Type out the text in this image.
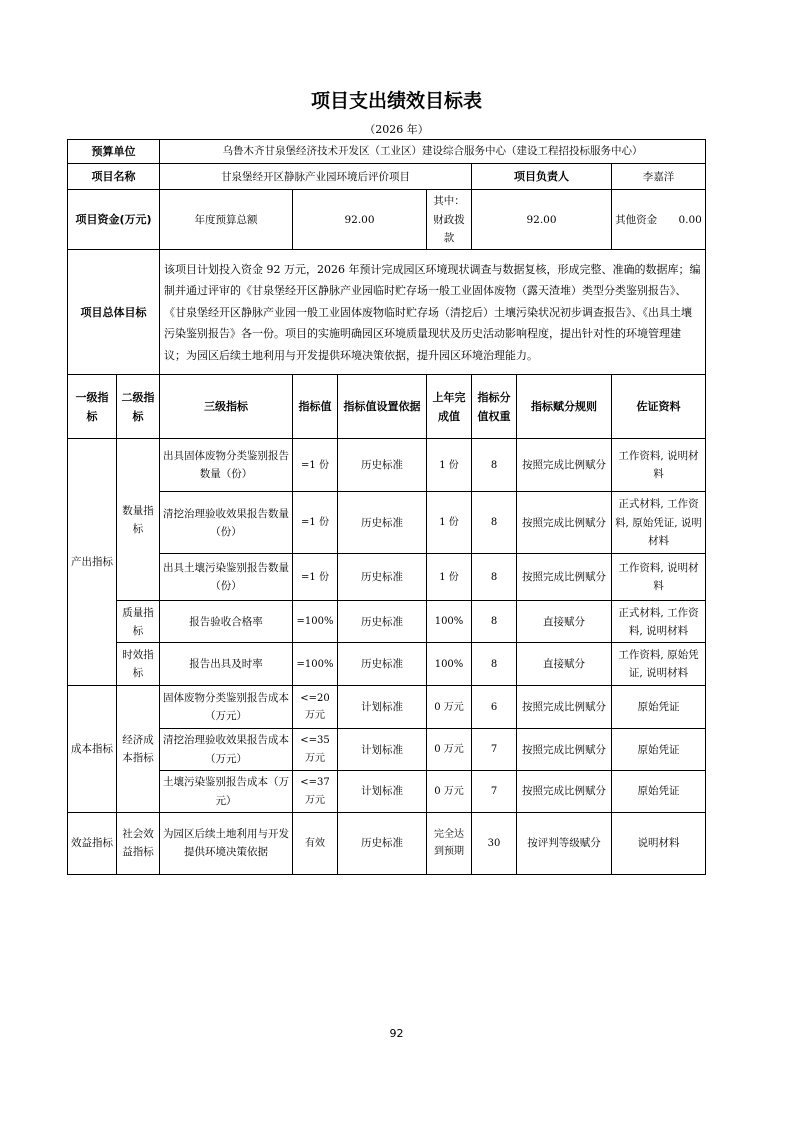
项目支出绩效目标表
（2026 年）
预算单位		乌鲁木齐甘泉堡经济技术开发区（工业区）建设综合服务中心（建设工程招投标服务中心）						
项目名称		甘泉堡经开区静脉产业园环境后评价项目				项目负责人		李嘉洋
项目资金(万元)		年度预算总额	92.00		其中：财政拨款	92.00		其他资金 0.00
项目总体目标		该项目计划投入资金 92 万元，2026 年预计完成园区环境现状调查与数据复核，形成完整、准确的数据库；编制并通过评审的《甘泉堡经开区静脉产业园临时贮存场一般工业固体废物（露天渣堆）类型分类鉴别报告》、《甘泉堡经开区静脉产业园一般工业固体废物临时贮存场（清挖后）土壤污染状况初步调查报告》、《出具土壤污染鉴别报告》各一份。项目的实施明确园区环境质量现状及历史活动影响程度，提出针对性的环境管理建议；为园区后续土地利用与开发提供环境决策依据，提升园区环境治理能力。						
一级指标	二级指标	三级指标	指标值	指标值设置依据	上年完成值	指标分值权重	指标赋分规则	佐证资料
产出指标	数量指标	出具固体废物分类鉴别报告数量（份）	=1 份	历史标准	1 份	8	按照完成比例赋分	工作资料, 说明材料
		清挖治理验收效果报告数量（份）	=1 份	历史标准	1 份	8	按照完成比例赋分	正式材料, 工作资料, 原始凭证, 说明材料
		出具土壤污染鉴别报告数量（份）	=1 份	历史标准	1 份	8	按照完成比例赋分	工作资料, 说明材料
	质量指标	报告验收合格率	=100%	历史标准	100%	8	直接赋分	正式材料, 工作资料, 说明材料
	时效指标	报告出具及时率	=100%	历史标准	100%	8	直接赋分	工作资料, 原始凭证, 说明材料
成本指标	经济成本指标	固体废物分类鉴别报告成本（万元）	<=20 万元	计划标准	0 万元	6	按照完成比例赋分	原始凭证
		清挖治理验收效果报告成本（万元）	<=35 万元	计划标准	0 万元	7	按照完成比例赋分	原始凭证
		土壤污染鉴别报告成本（万元）	<=37 万元	计划标准	0 万元	7	按照完成比例赋分	原始凭证
效益指标	社会效益指标	为园区后续土地利用与开发提供环境决策依据	有效	历史标准	完全达到预期	30	按评判等级赋分	说明材料
92
